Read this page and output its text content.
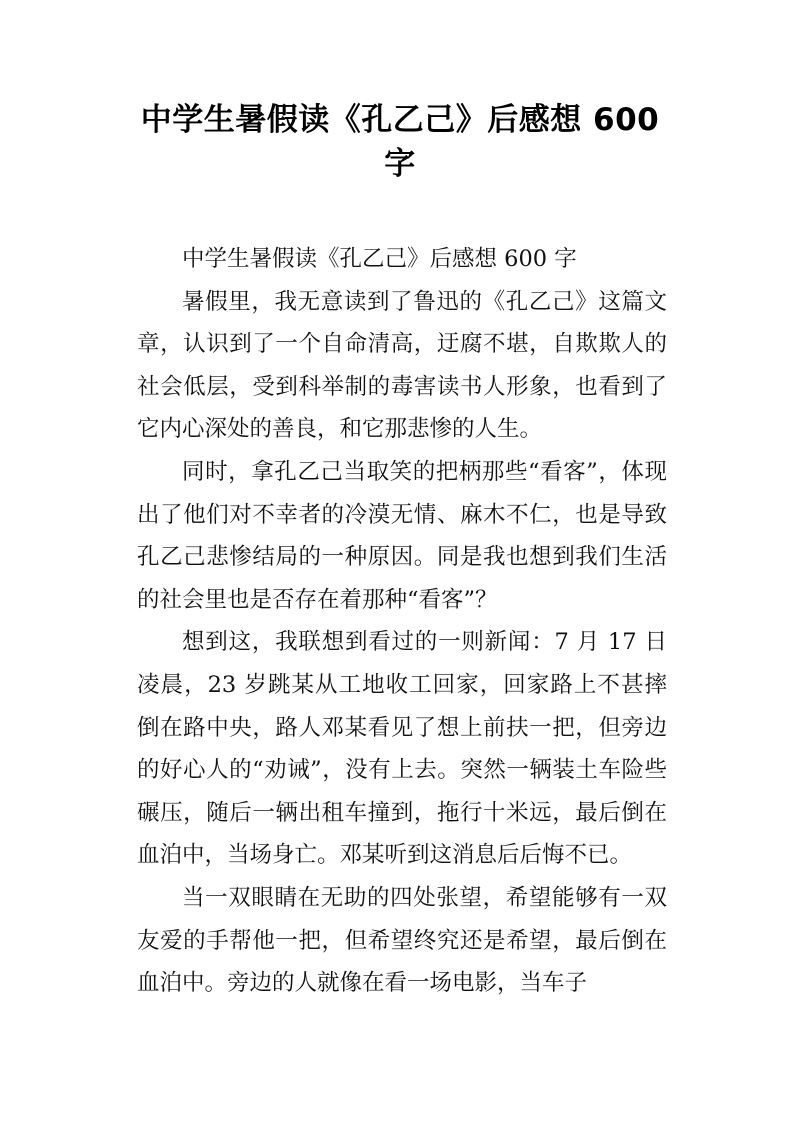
中学生暑假读《孔乙己》后感想 600 字

中学生暑假读《孔乙己》后感想 600 字

暑假里，我无意读到了鲁迅的《孔乙己》这篇文章，认识到了一个自命清高，迂腐不堪，自欺欺人的社会低层，受到科举制的毒害读书人形象，也看到了它内心深处的善良，和它那悲惨的人生。

同时，拿孔乙己当取笑的把柄那些“看客”，体现出了他们对不幸者的冷漠无情、麻木不仁，也是导致孔乙己悲惨结局的一种原因。同是我也想到我们生活的社会里也是否存在着那种“看客”？

想到这，我联想到看过的一则新闻：7 月 17 日凌晨，23 岁跳某从工地收工回家，回家路上不甚摔倒在路中央，路人邓某看见了想上前扶一把，但旁边的好心人的“劝诫”，没有上去。突然一辆装土车险些碾压，随后一辆出租车撞到，拖行十米远，最后倒在血泊中，当场身亡。邓某听到这消息后后悔不已。

当一双眼睛在无助的四处张望，希望能够有一双友爱的手帮他一把，但希望终究还是希望，最后倒在血泊中。旁边的人就像在看一场电影，当车子
